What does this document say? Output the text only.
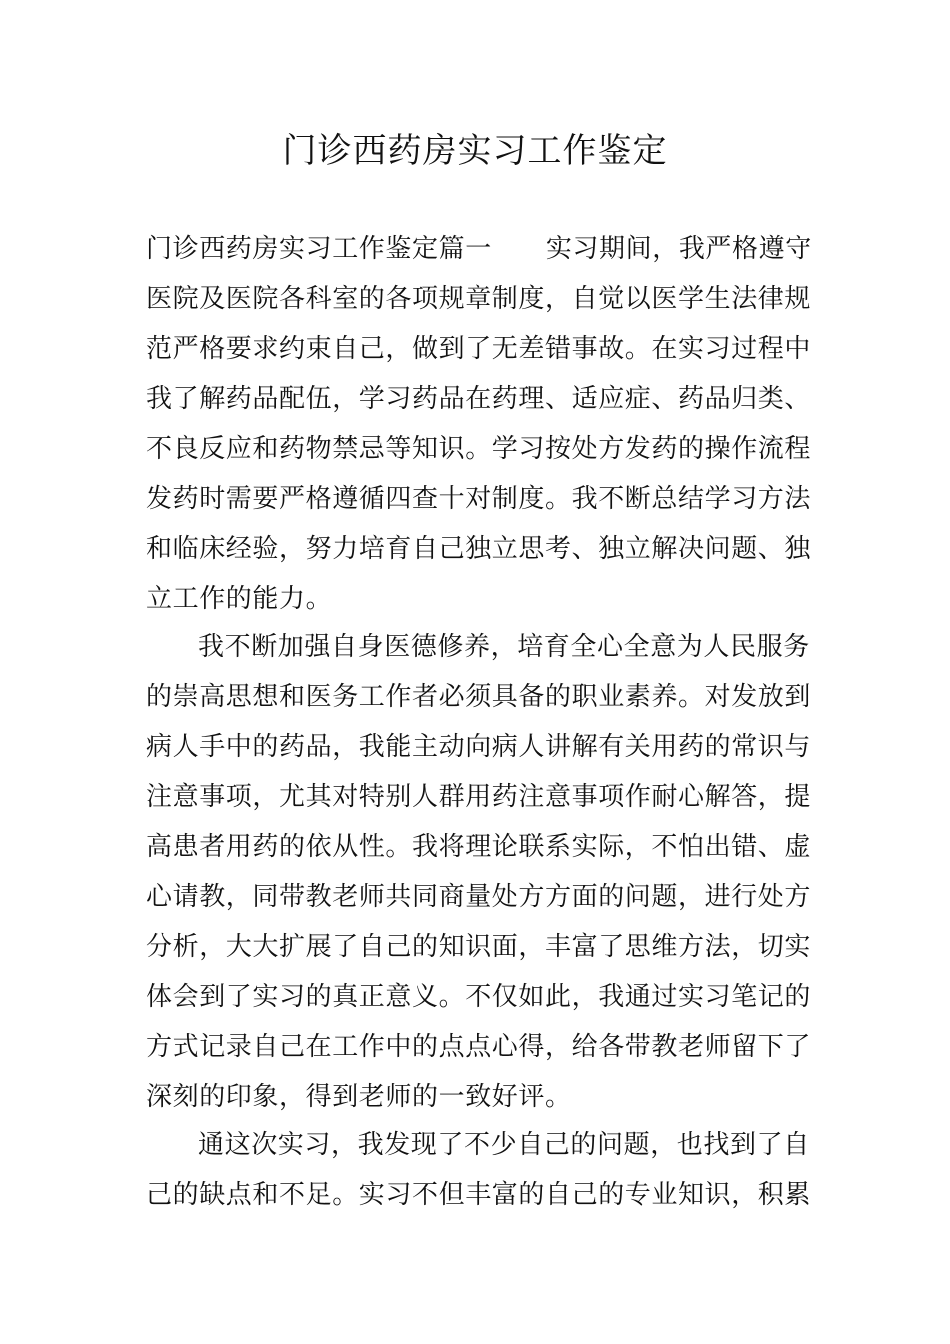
门诊西药房实习工作鉴定
门诊西药房实习工作鉴定篇一 实习期间，我严格遵守
医院及医院各科室的各项规章制度，自觉以医学生法律规
范严格要求约束自己，做到了无差错事故。在实习过程中
我了解药品配伍，学习药品在药理、适应症、药品归类、
不良反应和药物禁忌等知识。学习按处方发药的操作流程
发药时需要严格遵循四查十对制度。我不断总结学习方法
和临床经验，努力培育自己独立思考、独立解决问题、独
立工作的能力。
我不断加强自身医德修养，培育全心全意为人民服务
的崇高思想和医务工作者必须具备的职业素养。对发放到
病人手中的药品，我能主动向病人讲解有关用药的常识与
注意事项，尤其对特别人群用药注意事项作耐心解答，提
高患者用药的依从性。我将理论联系实际，不怕出错、虚
心请教，同带教老师共同商量处方方面的问题，进行处方
分析，大大扩展了自己的知识面，丰富了思维方法，切实
体会到了实习的真正意义。不仅如此，我通过实习笔记的
方式记录自己在工作中的点点心得，给各带教老师留下了
深刻的印象，得到老师的一致好评。
通这次实习，我发现了不少自己的问题，也找到了自
己的缺点和不足。实习不但丰富的自己的专业知识，积累
